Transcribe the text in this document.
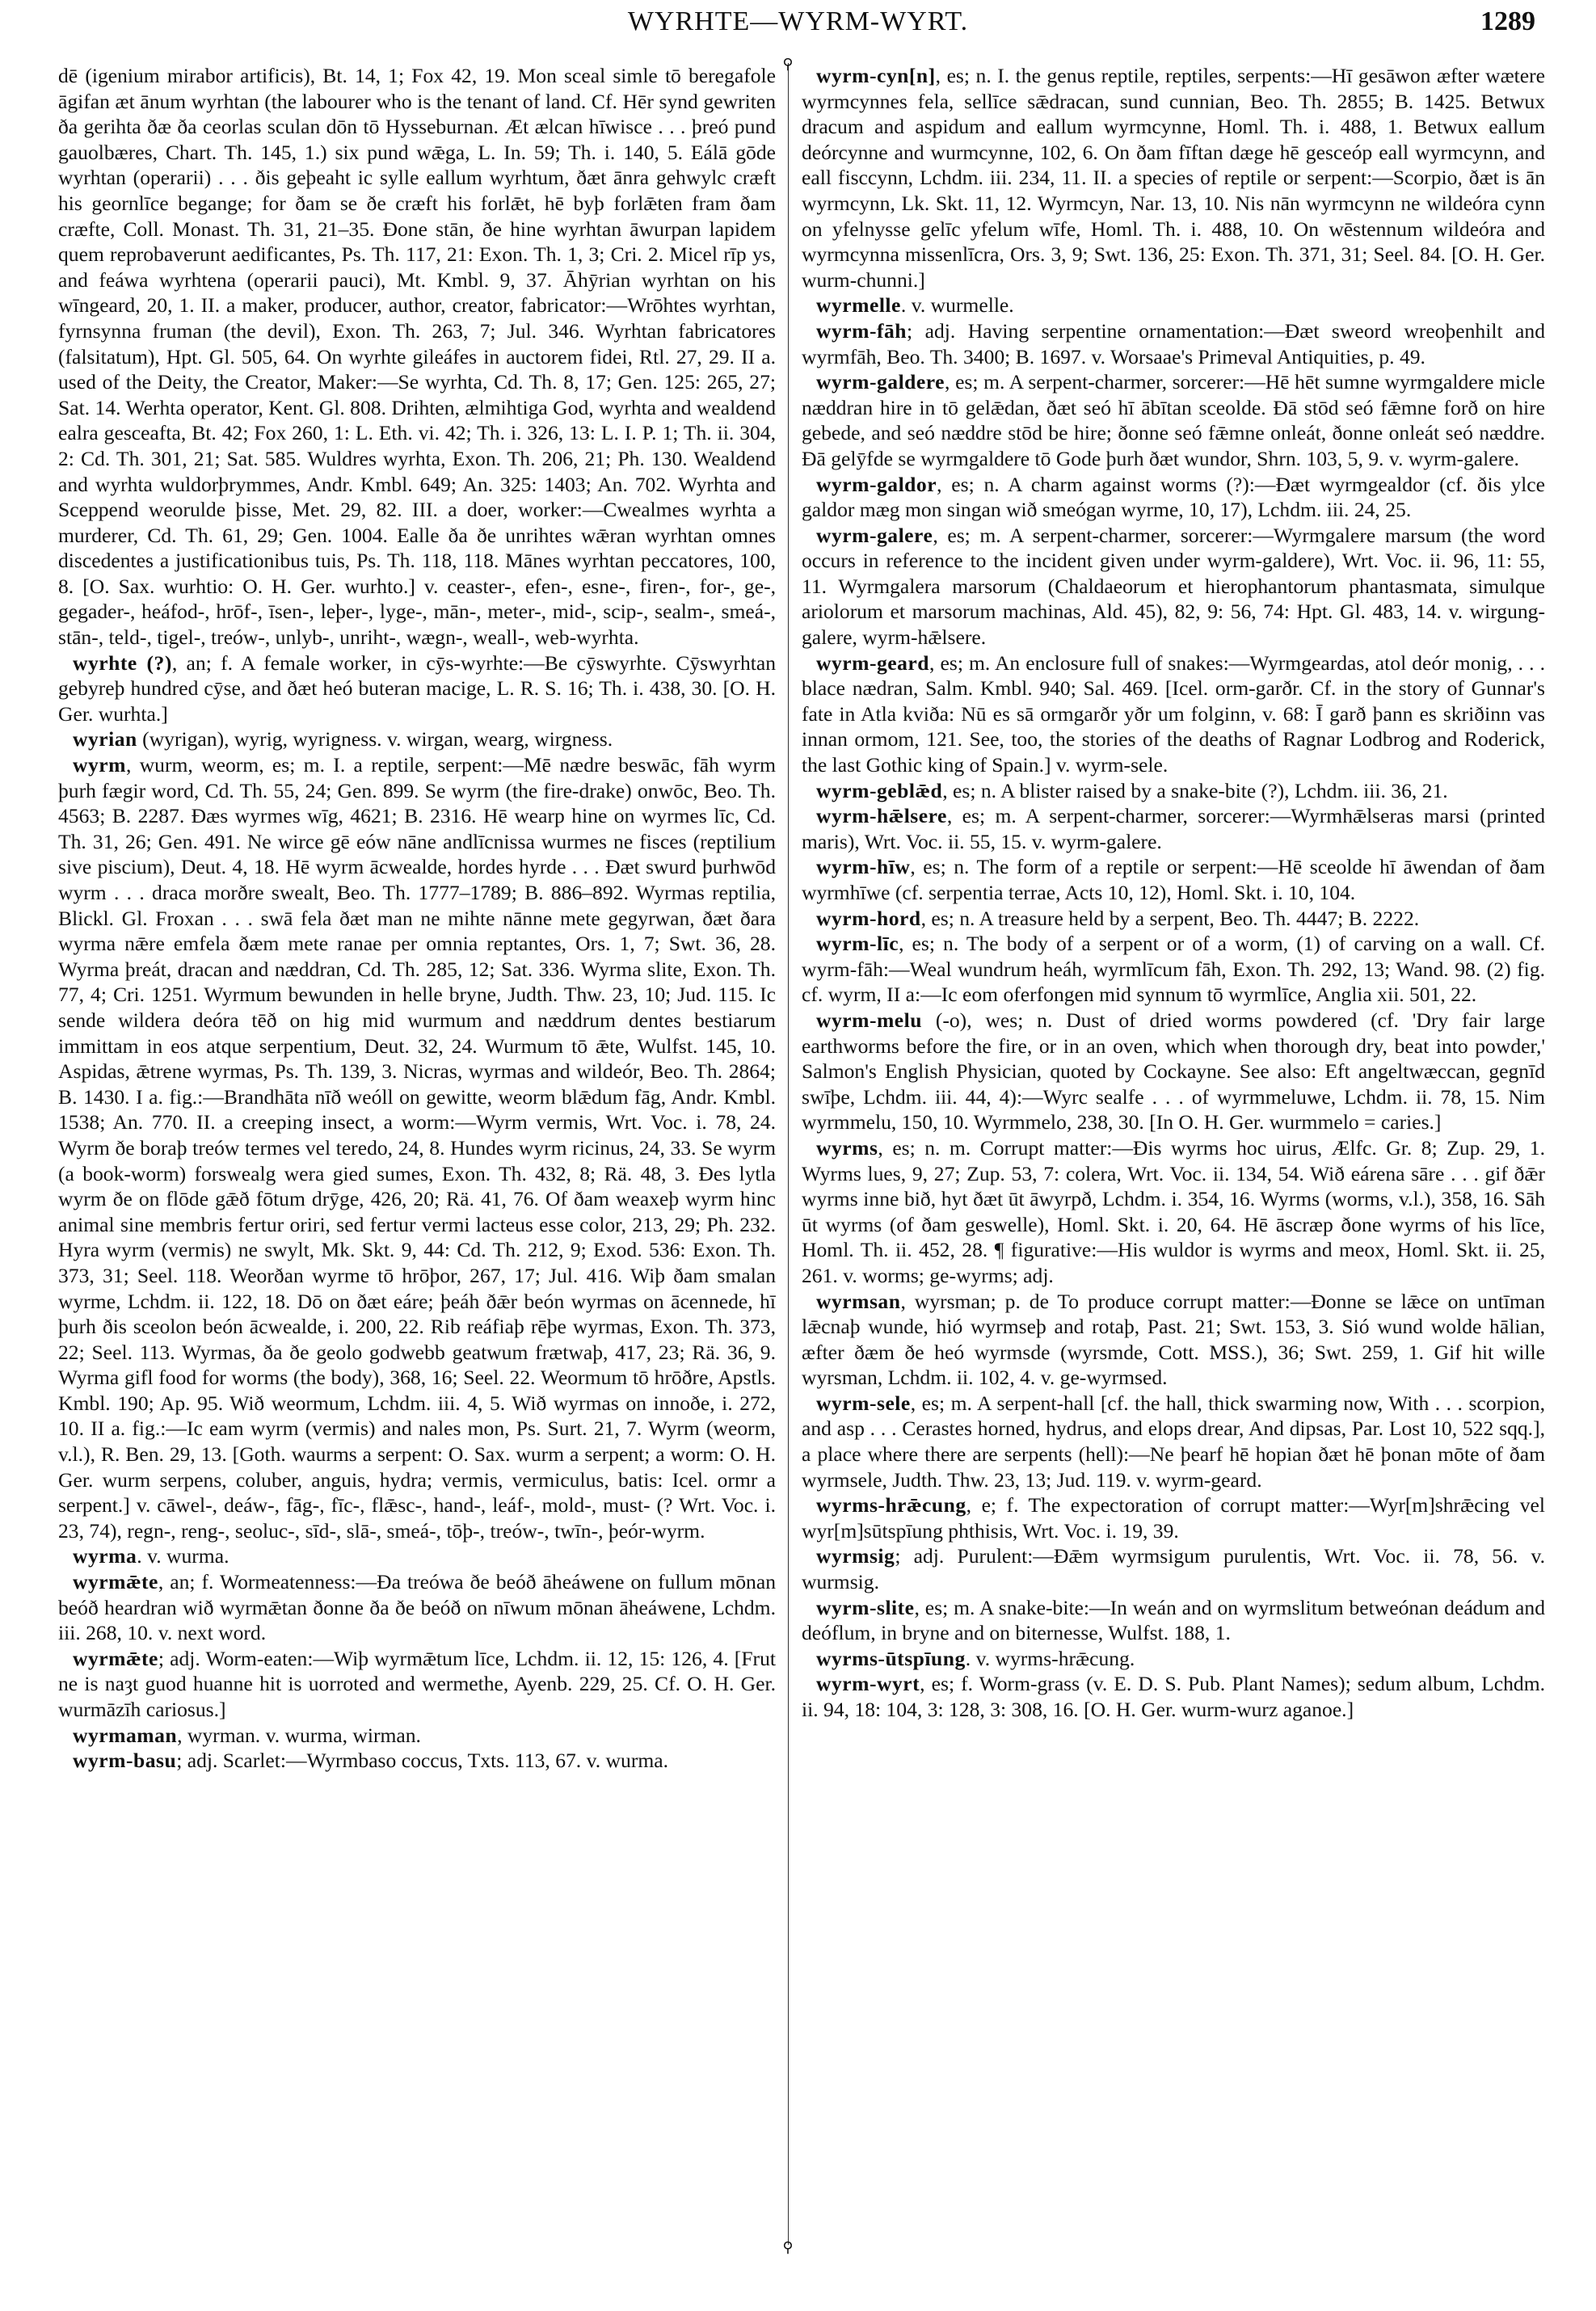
WYRHTE—WYRM-WYRT.	1289

dē (igenium mirabor artificis), Bt. 14, 1; Fox 42, 19. Mon sceal simle tō beregafole āgifan æt ānum wyrhtan (the labourer who is the tenant of land. Cf. Hēr synd gewriten ða gerihta ðæ ða ceorlas sculan dōn tō Hysseburnan. Æt ælcan hīwisce . . . þreó pund gauolbæres, Chart. Th. 145, 1.) six pund wǣga, L. In. 59; Th. i. 140, 5. Eálā gōde wyrhtan (operarii) . . . ðis geþeaht ic sylle eallum wyrhtum, ðæt ānra gehwylc cræft his geornlīce begange; for ðam se ðe cræft his forlǣt, hē byþ forlǣten fram ðam cræfte, Coll. Monast. Th. 31, 21–35. Ðone stān, ðe hine wyrhtan āwurpan lapidem quem reprobaverunt aedificantes, Ps. Th. 117, 21: Exon. Th. 1, 3; Cri. 2. Micel rīp ys, and feáwa wyrhtena (operarii pauci), Mt. Kmbl. 9, 37. Āhȳrian wyrhtan on his wīngeard, 20, 1. II. a maker, producer, author, creator, fabricator:—Wrōhtes wyrhtan, fyrnsynna fruman (the devil), Exon. Th. 263, 7; Jul. 346. Wyrhtan fabricatores (falsitatum), Hpt. Gl. 505, 64. On wyrhte gileáfes in auctorem fidei, Rtl. 27, 29. II a. used of the Deity, the Creator, Maker:—Se wyrhta, Cd. Th. 8, 17; Gen. 125: 265, 27; Sat. 14. Werhta operator, Kent. Gl. 808. Drihten, ælmihtiga God, wyrhta and wealdend ealra gesceafta, Bt. 42; Fox 260, 1: L. Eth. vi. 42; Th. i. 326, 13: L. I. P. 1; Th. ii. 304, 2: Cd. Th. 301, 21; Sat. 585. Wuldres wyrhta, Exon. Th. 206, 21; Ph. 130. Wealdend and wyrhta wuldorþrymmes, Andr. Kmbl. 649; An. 325: 1403; An. 702. Wyrhta and Sceppend weorulde þisse, Met. 29, 82. III. a doer, worker:—Cwealmes wyrhta a murderer, Cd. Th. 61, 29; Gen. 1004. Ealle ða ðe unrihtes wǣran wyrhtan omnes discedentes a justificationibus tuis, Ps. Th. 118, 118. Mānes wyrhtan peccatores, 100, 8. [O. Sax. wurhtio: O. H. Ger. wurhto.] v. ceaster-, efen-, esne-, firen-, for-, ge-, gegader-, heáfod-, hrōf-, īsen-, leþer-, lyge-, mān-, meter-, mid-, scip-, sealm-, smeá-, stān-, teld-, tigel-, treów-, unlyb-, unriht-, wægn-, weall-, web-wyrhta.

wyrhte (?), an; f. A female worker, in cȳs-wyrhte:—Be cȳswyrhte. Cȳswyrhtan gebyreþ hundred cȳse, and ðæt heó buteran macige, L. R. S. 16; Th. i. 438, 30. [O. H. Ger. wurhta.]

wyrian (wyrigan), wyrig, wyrigness. v. wirgan, wearg, wirgness.

wyrm, wurm, weorm, es; m. I. a reptile, serpent:—Mē nædre beswāc, fāh wyrm þurh fægir word, Cd. Th. 55, 24; Gen. 899. Se wyrm (the fire-drake) onwōc, Beo. Th. 4563; B. 2287. Ðæs wyrmes wīg, 4621; B. 2316. Hē wearp hine on wyrmes līc, Cd. Th. 31, 26; Gen. 491. Ne wirce gē eów nāne andlīcnissa wurmes ne fisces (reptilium sive piscium), Deut. 4, 18. Hē wyrm ācwealde, hordes hyrde . . . Ðæt swurd þurhwōd wyrm . . . draca morðre swealt, Beo. Th. 1777–1789; B. 886–892. Wyrmas reptilia, Blickl. Gl. Froxan . . . swā fela ðæt man ne mihte nānne mete gegyrwan, ðæt ðara wyrma nǣre emfela ðæm mete ranae per omnia reptantes, Ors. 1, 7; Swt. 36, 28. Wyrma þreát, dracan and næddran, Cd. Th. 285, 12; Sat. 336. Wyrma slite, Exon. Th. 77, 4; Cri. 1251. Wyrmum bewunden in helle bryne, Judth. Thw. 23, 10; Jud. 115. Ic sende wildera deóra tēð on hig mid wurmum and næddrum dentes bestiarum immittam in eos atque serpentium, Deut. 32, 24. Wurmum tō ǣte, Wulfst. 145, 10. Aspidas, ǣtrene wyrmas, Ps. Th. 139, 3. Nicras, wyrmas and wildeór, Beo. Th. 2864; B. 1430. I a. fig.:—Brandhāta nīð weóll on gewitte, weorm blǣdum fāg, Andr. Kmbl. 1538; An. 770. II. a creeping insect, a worm:—Wyrm vermis, Wrt. Voc. i. 78, 24. Wyrm ðe boraþ treów termes vel teredo, 24, 8. Hundes wyrm ricinus, 24, 33. Se wyrm (a book-worm) forswealg wera gied sumes, Exon. Th. 432, 8; Rä. 48, 3. Ðes lytla wyrm ðe on flōde gǣð fōtum drȳge, 426, 20; Rä. 41, 76. Of ðam weaxeþ wyrm hinc animal sine membris fertur oriri, sed fertur vermi lacteus esse color, 213, 29; Ph. 232. Hyra wyrm (vermis) ne swylt, Mk. Skt. 9, 44: Cd. Th. 212, 9; Exod. 536: Exon. Th. 373, 31; Seel. 118. Weorðan wyrme tō hrōþor, 267, 17; Jul. 416. Wiþ ðam smalan wyrme, Lchdm. ii. 122, 18. Dō on ðæt eáre; þeáh ðǣr beón wyrmas on ācennede, hī þurh ðis sceolon beón ācwealde, i. 200, 22. Rib reáfiaþ rēþe wyrmas, Exon. Th. 373, 22; Seel. 113. Wyrmas, ða ðe geolo godwebb geatwum frætwaþ, 417, 23; Rä. 36, 9. Wyrma gifl food for worms (the body), 368, 16; Seel. 22. Weormum tō hrōðre, Apstls. Kmbl. 190; Ap. 95. Wið weormum, Lchdm. iii. 4, 5. Wið wyrmas on innoðe, i. 272, 10. II a. fig.:—Ic eam wyrm (vermis) and nales mon, Ps. Surt. 21, 7. Wyrm (weorm, v.l.), R. Ben. 29, 13. [Goth. waurms a serpent: O. Sax. wurm a serpent; a worm: O. H. Ger. wurm serpens, coluber, anguis, hydra; vermis, vermiculus, batis: Icel. ormr a serpent.] v. cāwel-, deáw-, fāg-, fīc-, flǣsc-, hand-, leáf-, mold-, must- (? Wrt. Voc. i. 23, 74), regn-, reng-, seoluc-, sīd-, slā-, smeá-, tōþ-, treów-, twīn-, þeór-wyrm.

wyrma. v. wurma.

wyrmǣte, an; f. Wormeatenness:—Ða treówa ðe beóð āheáwene on fullum mōnan beóð heardran wið wyrmǣtan ðonne ða ðe beóð on nīwum mōnan āheáwene, Lchdm. iii. 268, 10. v. next word.

wyrmǣte; adj. Worm-eaten:—Wiþ wyrmǣtum līce, Lchdm. ii. 12, 15: 126, 4. [Frut ne is naȝt guod huanne hit is uorroted and wermethe, Ayenb. 229, 25. Cf. O. H. Ger. wurmāzīh cariosus.]

wyrmaman, wyrman. v. wurma, wirman.

wyrm-basu; adj. Scarlet:—Wyrmbaso coccus, Txts. 113, 67. v. wurma.

⚲
⚲

wyrm-cyn[n], es; n. I. the genus reptile, reptiles, serpents:—Hī gesāwon æfter wætere wyrmcynnes fela, sellīce sǣdracan, sund cunnian, Beo. Th. 2855; B. 1425. Betwux dracum and aspidum and eallum wyrmcynne, Homl. Th. i. 488, 1. Betwux eallum deórcynne and wurmcynne, 102, 6. On ðam fīftan dæge hē gesceóp eall wyrmcynn, and eall fisccynn, Lchdm. iii. 234, 11. II. a species of reptile or serpent:—Scorpio, ðæt is ān wyrmcynn, Lk. Skt. 11, 12. Wyrmcyn, Nar. 13, 10. Nis nān wyrmcynn ne wildeóra cynn on yfelnysse gelīc yfelum wīfe, Homl. Th. i. 488, 10. On wēstennum wildeóra and wyrmcynna missenlīcra, Ors. 3, 9; Swt. 136, 25: Exon. Th. 371, 31; Seel. 84. [O. H. Ger. wurm-chunni.]

wyrmelle. v. wurmelle.

wyrm-fāh; adj. Having serpentine ornamentation:—Ðæt sweord wreoþenhilt and wyrmfāh, Beo. Th. 3400; B. 1697. v. Worsaae's Primeval Antiquities, p. 49.

wyrm-galdere, es; m. A serpent-charmer, sorcerer:—Hē hēt sumne wyrmgaldere micle næddran hire in tō gelǣdan, ðæt seó hī ābītan sceolde. Ðā stōd seó fǣmne forð on hire gebede, and seó næddre stōd be hire; ðonne seó fǣmne onleát, ðonne onleát seó næddre. Ðā gelȳfde se wyrmgaldere tō Gode þurh ðæt wundor, Shrn. 103, 5, 9. v. wyrm-galere.

wyrm-galdor, es; n. A charm against worms (?):—Ðæt wyrmgealdor (cf. ðis ylce galdor mæg mon singan wið smeógan wyrme, 10, 17), Lchdm. iii. 24, 25.

wyrm-galere, es; m. A serpent-charmer, sorcerer:—Wyrmgalere marsum (the word occurs in reference to the incident given under wyrm-galdere), Wrt. Voc. ii. 96, 11: 55, 11. Wyrmgalera marsorum (Chaldaeorum et hierophantorum phantasmata, simulque ariolorum et marsorum machinas, Ald. 45), 82, 9: 56, 74: Hpt. Gl. 483, 14. v. wirgung-galere, wyrm-hǣlsere.

wyrm-geard, es; m. An enclosure full of snakes:—Wyrmgeardas, atol deór monig, . . . blace nædran, Salm. Kmbl. 940; Sal. 469. [Icel. orm-garðr. Cf. in the story of Gunnar's fate in Atla kviða: Nū es sā ormgarðr yðr um folginn, v. 68: Ī garð þann es skriðinn vas innan ormom, 121. See, too, the stories of the deaths of Ragnar Lodbrog and Roderick, the last Gothic king of Spain.] v. wyrm-sele.

wyrm-geblǣd, es; n. A blister raised by a snake-bite (?), Lchdm. iii. 36, 21.

wyrm-hǣlsere, es; m. A serpent-charmer, sorcerer:—Wyrmhǣlseras marsi (printed maris), Wrt. Voc. ii. 55, 15. v. wyrm-galere.

wyrm-hīw, es; n. The form of a reptile or serpent:—Hē sceolde hī āwendan of ðam wyrmhīwe (cf. serpentia terrae, Acts 10, 12), Homl. Skt. i. 10, 104.

wyrm-hord, es; n. A treasure held by a serpent, Beo. Th. 4447; B. 2222.

wyrm-līc, es; n. The body of a serpent or of a worm, (1) of carving on a wall. Cf. wyrm-fāh:—Weal wundrum heáh, wyrmlīcum fāh, Exon. Th. 292, 13; Wand. 98. (2) fig. cf. wyrm, II a:—Ic eom oferfongen mid synnum tō wyrmlīce, Anglia xii. 501, 22.

wyrm-melu (-o), wes; n. Dust of dried worms powdered (cf. 'Dry fair large earthworms before the fire, or in an oven, which when thorough dry, beat into powder,' Salmon's English Physician, quoted by Cockayne. See also: Eft angeltwæccan, gegnīd swīþe, Lchdm. iii. 44, 4):—Wyrc sealfe . . . of wyrmmeluwe, Lchdm. ii. 78, 15. Nim wyrmmelu, 150, 10. Wyrmmelo, 238, 30. [In O. H. Ger. wurmmelo = caries.]

wyrms, es; n. m. Corrupt matter:—Ðis wyrms hoc uirus, Ælfc. Gr. 8; Zup. 29, 1. Wyrms lues, 9, 27; Zup. 53, 7: colera, Wrt. Voc. ii. 134, 54. Wið eárena sāre . . . gif ðǣr wyrms inne bið, hyt ðæt ūt āwyrpð, Lchdm. i. 354, 16. Wyrms (worms, v.l.), 358, 16. Sāh ūt wyrms (of ðam geswelle), Homl. Skt. i. 20, 64. Hē āscræp ðone wyrms of his līce, Homl. Th. ii. 452, 28. ¶ figurative:—His wuldor is wyrms and meox, Homl. Skt. ii. 25, 261. v. worms; ge-wyrms; adj.

wyrmsan, wyrsman; p. de To produce corrupt matter:—Ðonne se lǣce on untīman lǣcnaþ wunde, hió wyrmseþ and rotaþ, Past. 21; Swt. 153, 3. Sió wund wolde hālian, æfter ðæm ðe heó wyrmsde (wyrsmde, Cott. MSS.), 36; Swt. 259, 1. Gif hit wille wyrsman, Lchdm. ii. 102, 4. v. ge-wyrmsed.

wyrm-sele, es; m. A serpent-hall [cf. the hall, thick swarming now, With . . . scorpion, and asp . . . Cerastes horned, hydrus, and elops drear, And dipsas, Par. Lost 10, 522 sqq.], a place where there are serpents (hell):—Ne þearf hē hopian ðæt hē þonan mōte of ðam wyrmsele, Judth. Thw. 23, 13; Jud. 119. v. wyrm-geard.

wyrms-hrǣcung, e; f. The expectoration of corrupt matter:—Wyr[m]shrǣcing vel wyr[m]sūtspīung phthisis, Wrt. Voc. i. 19, 39.

wyrmsig; adj. Purulent:—Ðǣm wyrmsigum purulentis, Wrt. Voc. ii. 78, 56. v. wurmsig.

wyrm-slite, es; m. A snake-bite:—In weán and on wyrmslitum betweónan deádum and deóflum, in bryne and on biternesse, Wulfst. 188, 1.

wyrms-ūtspīung. v. wyrms-hrǣcung.

wyrm-wyrt, es; f. Worm-grass (v. E. D. S. Pub. Plant Names); sedum album, Lchdm. ii. 94, 18: 104, 3: 128, 3: 308, 16. [O. H. Ger. wurm-wurz aganoe.]
